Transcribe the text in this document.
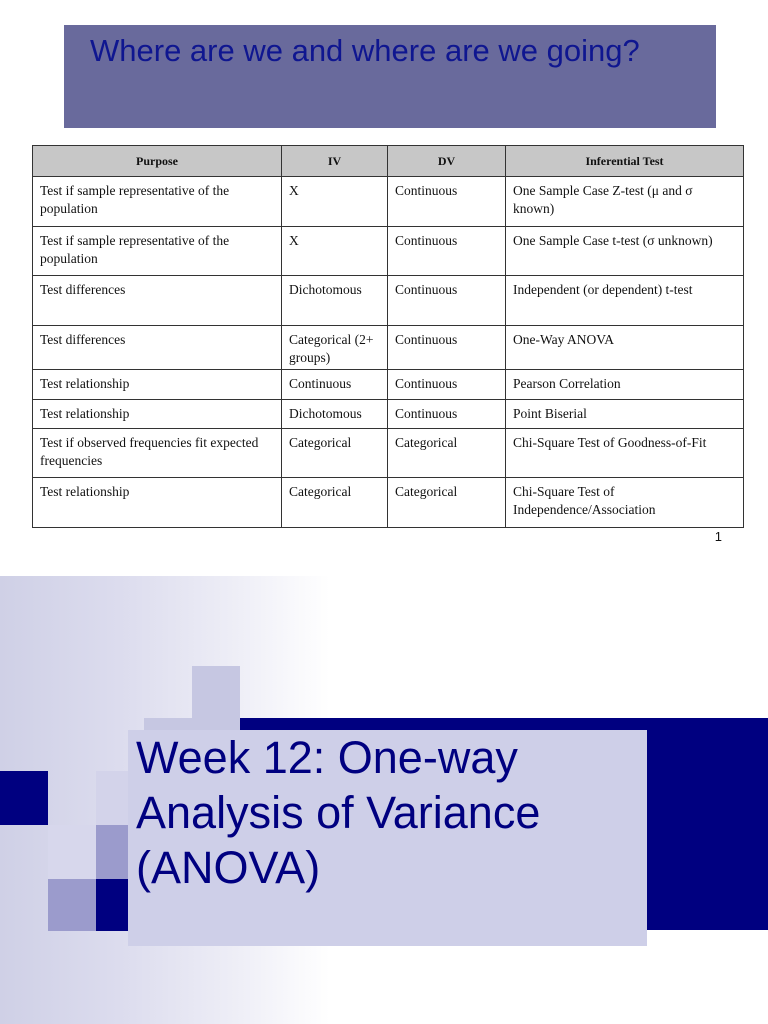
Where are we and where are we going?
Purpose	IV	DV	Inferential Test
Test if sample representative of the population	X	Continuous	One Sample Case Z-test (μ and σ known)
Test if sample representative of the population	X	Continuous	One Sample Case t-test (σ unknown)
Test differences	Dichotomous	Continuous	Independent (or dependent) t-test
Test differences	Categorical (2+ groups)	Continuous	One-Way ANOVA
Test relationship	Continuous	Continuous	Pearson Correlation
Test relationship	Dichotomous	Continuous	Point Biserial
Test if observed frequencies fit expected frequencies	Categorical	Categorical	Chi-Square Test of Goodness-of-Fit
Test relationship	Categorical	Categorical	Chi-Square Test of Independence/Association
1
Week 12: One-way
Analysis of Variance
(ANOVA)
